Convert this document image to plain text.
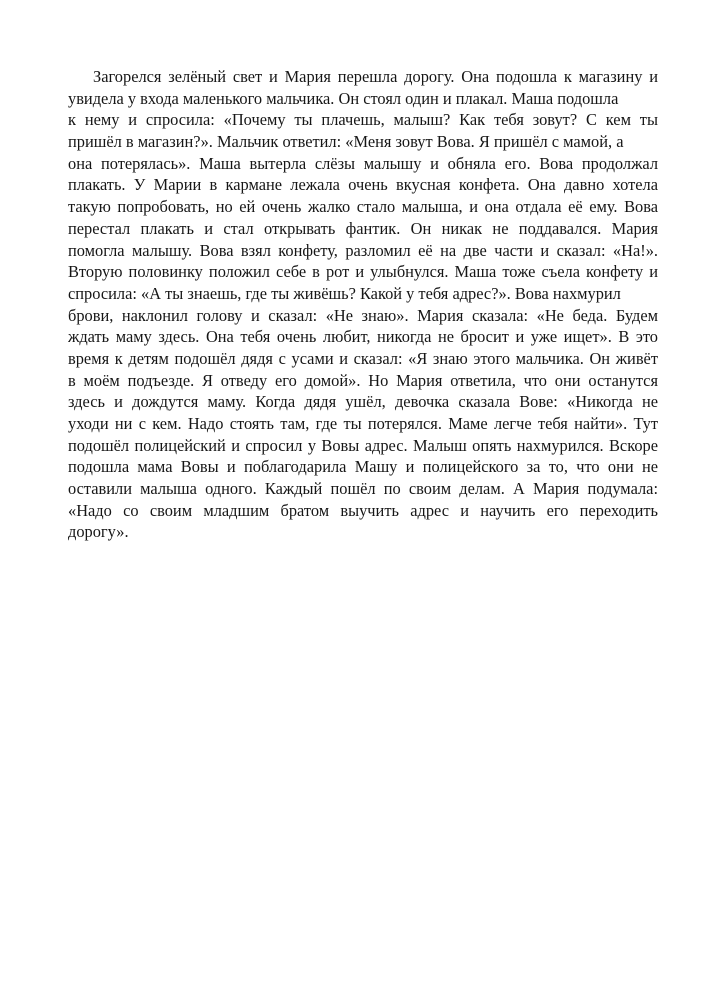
Загорелся зелёный свет и Мария перешла дорогу. Она подошла к магазину и
увидела у входа маленького мальчика. Он стоял один и плакал. Маша подошла
к нему и спросила: «Почему ты плачешь, малыш? Как тебя зовут? С кем ты
пришёл в магазин?». Мальчик ответил: «Меня зовут Вова. Я пришёл с мамой, а
она потерялась». Маша вытерла слёзы малышу и обняла его. Вова продолжал
плакать. У Марии в кармане лежала очень вкусная конфета. Она давно хотела
такую попробовать, но ей очень жалко стало малыша, и она отдала её ему. Вова
перестал плакать и стал открывать фантик. Он никак не поддавался. Мария
помогла малышу. Вова взял конфету, разломил её на две части и сказал: «На!».
Вторую половинку положил себе в рот и улыбнулся. Маша тоже съела конфету и
спросила: «А ты знаешь, где ты живёшь? Какой у тебя адрес?». Вова нахмурил
брови, наклонил голову и сказал: «Не знаю». Мария сказала: «Не беда. Будем
ждать маму здесь. Она тебя очень любит, никогда не бросит и уже ищет». В это
время к детям подошёл дядя с усами и сказал: «Я знаю этого мальчика. Он живёт
в моём подъезде. Я отведу его домой». Но Мария ответила, что они останутся
здесь и дождутся маму. Когда дядя ушёл, девочка сказала Вове: «Никогда не
уходи ни с кем. Надо стоять там, где ты потерялся. Маме легче тебя найти». Тут
подошёл полицейский и спросил у Вовы адрес. Малыш опять нахмурился. Вскоре
подошла мама Вовы и поблагодарила Машу и полицейского за то, что они не
оставили малыша одного. Каждый пошёл по своим делам. А Мария подумала:
«Надо со своим младшим братом выучить адрес и научить его переходить
дорогу».
